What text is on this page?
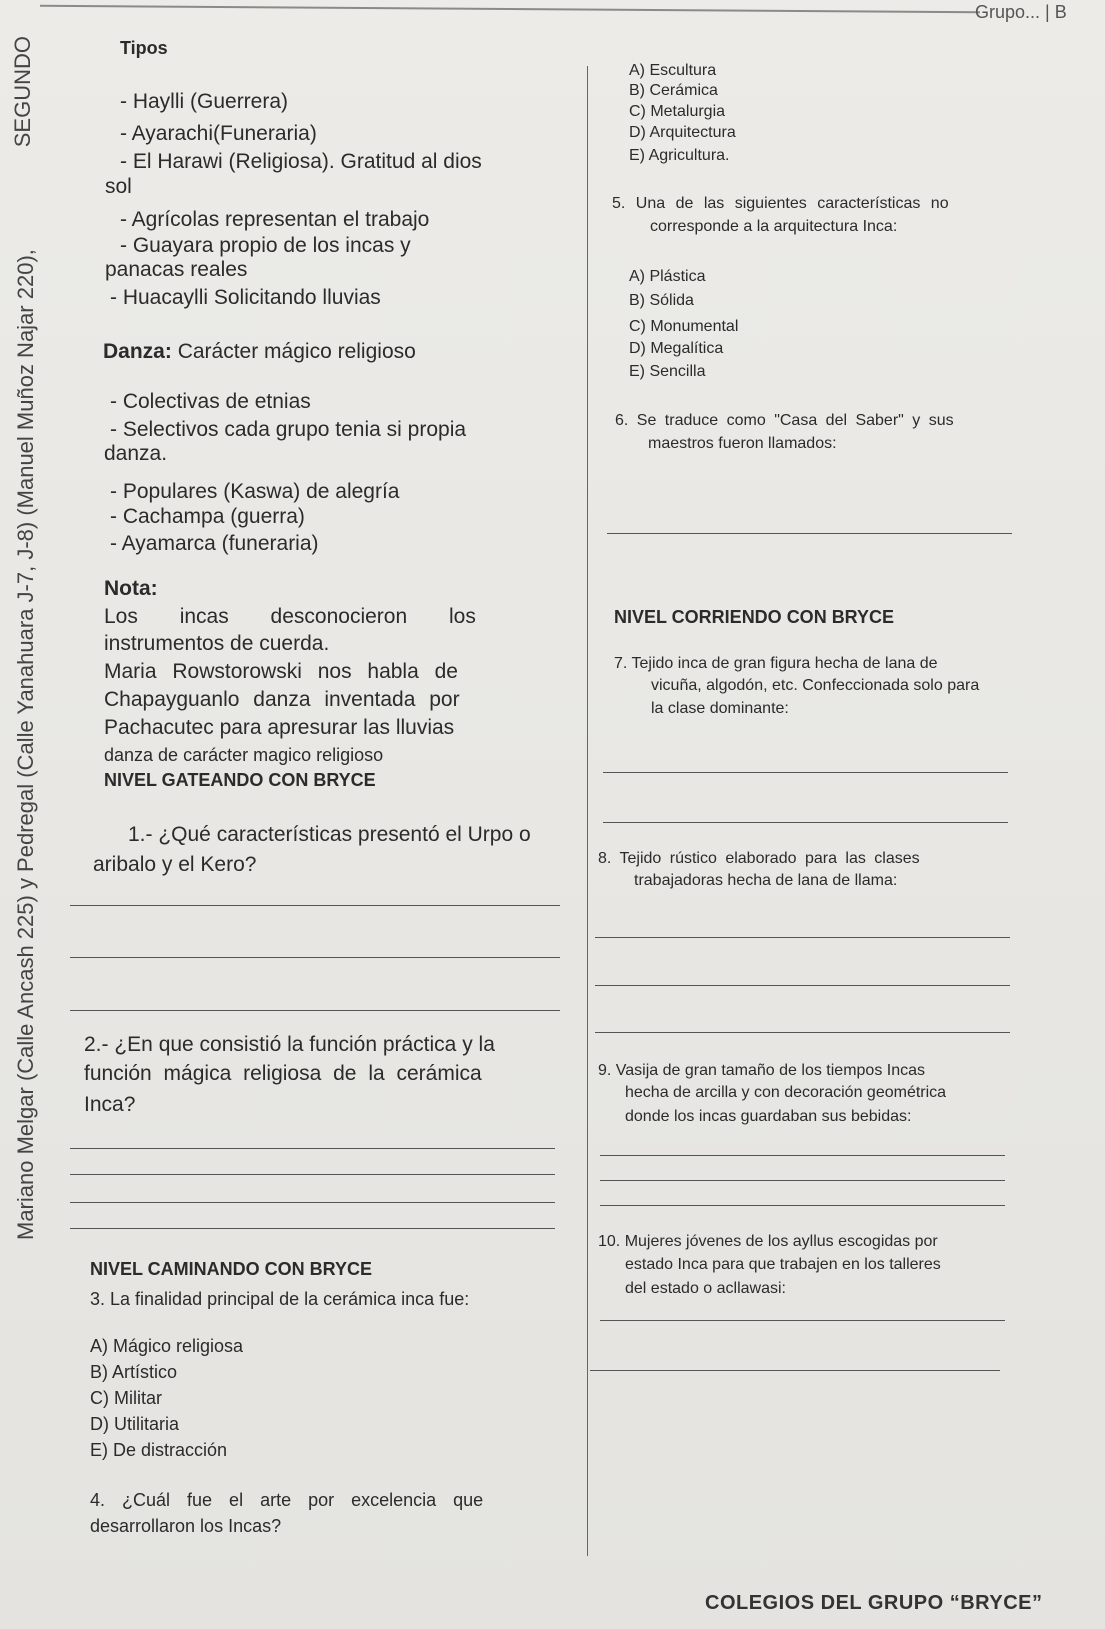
Grupo... | B
Mariano Melgar (Calle Ancash 225) y Pedregal (Calle Yanahuara J-7, J-8) (Manuel Muñoz Najar 220),
SEGUNDO	Tipos
- Haylli (Guerrera)
- Ayarachi(Funeraria)
- El Harawi (Religiosa). Gratitud al dios
sol
- Agrícolas representan el trabajo
- Guayara propio de los incas y
panacas reales
- Huacaylli Solicitando lluvias
Danza: Carácter mágico religioso
- Colectivas de etnias
- Selectivos cada grupo tenia si propia
danza.
- Populares (Kaswa) de alegría
- Cachampa (guerra)
- Ayamarca (funeraria)
Nota:
Los incas desconocieron los
instrumentos de cuerda.
Maria Rowstorowski nos habla de
Chapayguanlo danza inventada por
Pachacutec para apresurar las lluvias
danza de carácter magico religioso
NIVEL GATEANDO CON BRYCE
1.- ¿Qué características presentó el Urpo o
aribalo y el Kero?
2.- ¿En que consistió la función práctica y la
función mágica religiosa de la cerámica
Inca?
NIVEL CAMINANDO CON BRYCE
3. La finalidad principal de la cerámica inca fue:
A) Mágico religiosa
B) Artístico
C) Militar
D) Utilitaria
E) De distracción
4. ¿Cuál fue el arte por excelencia que
desarrollaron los Incas?
A) Escultura
B) Cerámica
C) Metalurgia
D) Arquitectura
E) Agricultura.
5. Una de las siguientes características no
corresponde a la arquitectura Inca:
A) Plástica
B) Sólida
C) Monumental
D) Megalítica
E) Sencilla
6. Se traduce como "Casa del Saber" y sus
maestros fueron llamados:
NIVEL CORRIENDO CON BRYCE
7. Tejido inca de gran figura hecha de lana de
vicuña, algodón, etc. Confeccionada solo para
la clase dominante:
8. Tejido rústico elaborado para las clases
trabajadoras hecha de lana de llama:
9. Vasija de gran tamaño de los tiempos Incas
hecha de arcilla y con decoración geométrica
donde los incas guardaban sus bebidas:
10. Mujeres jóvenes de los ayllus escogidas por
estado Inca para que trabajen en los talleres
del estado o acllawasi:
COLEGIOS DEL GRUPO “BRYCE”
